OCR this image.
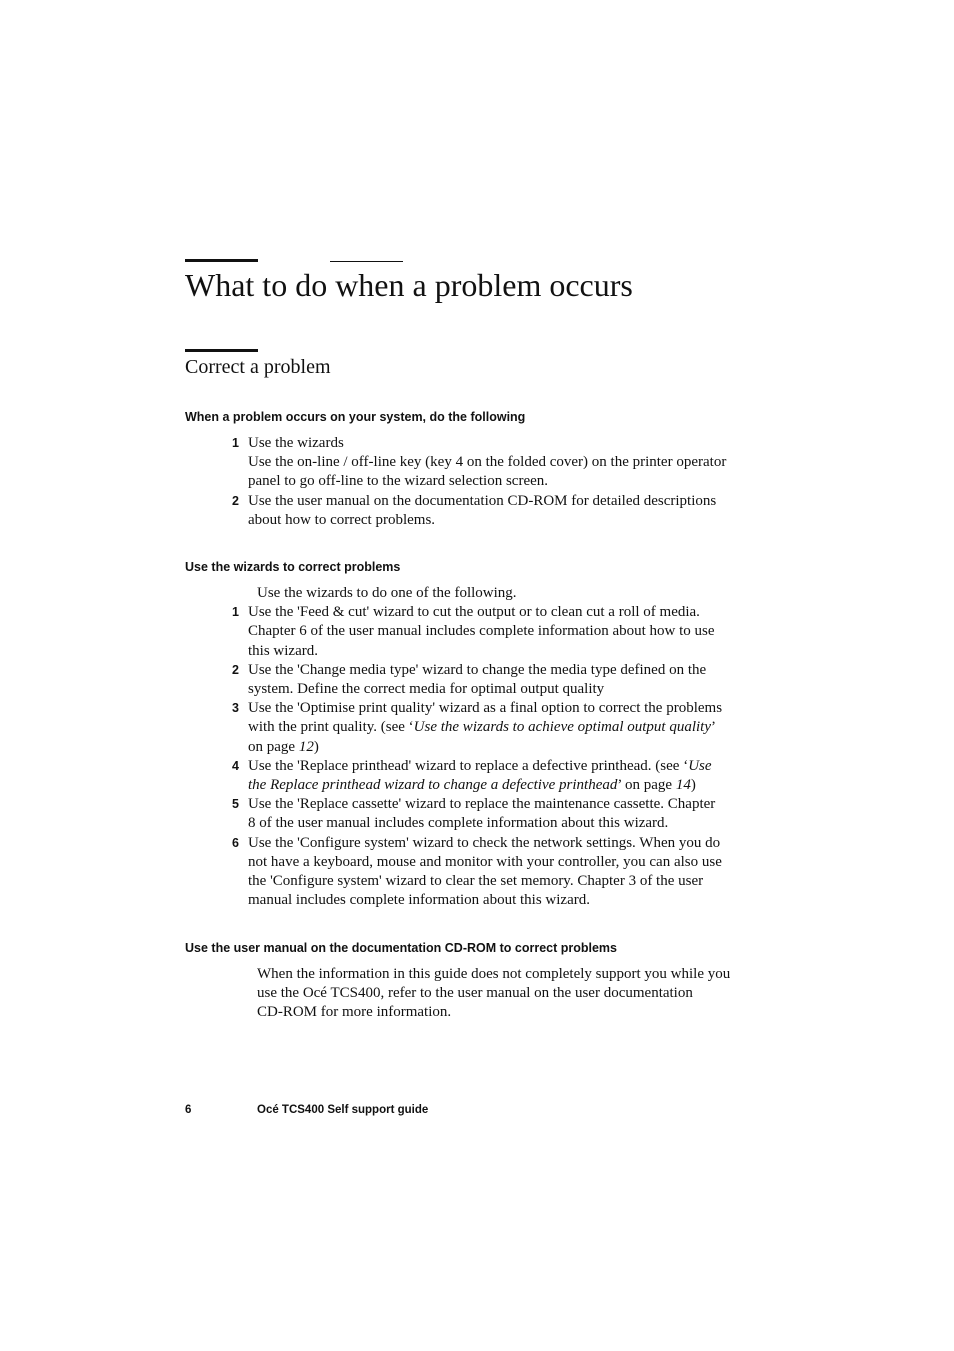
What to do when a problem occurs
Correct a problem
When a problem occurs on your system, do the following
1 Use the wizards
Use the on-line / off-line key (key 4 on the folded cover) on the printer operator
panel to go off-line to the wizard selection screen.
2 Use the user manual on the documentation CD-ROM for detailed descriptions
about how to correct problems.
Use the wizards to correct problems
Use the wizards to do one of the following.
1 Use the 'Feed & cut' wizard to cut the output or to clean cut a roll of media.
Chapter 6 of the user manual includes complete information about how to use
this wizard.
2 Use the 'Change media type' wizard to change the media type defined on the
system. Define the correct media for optimal output quality
3 Use the 'Optimise print quality' wizard as a final option to correct the problems
with the print quality. (see ‘Use the wizards to achieve optimal output quality’
on page 12)
4 Use the 'Replace printhead' wizard to replace a defective printhead. (see ‘Use
the Replace printhead wizard to change a defective printhead’ on page 14)
5 Use the 'Replace cassette' wizard to replace the maintenance cassette. Chapter
8 of the user manual includes complete information about this wizard.
6 Use the 'Configure system' wizard to check the network settings. When you do
not have a keyboard, mouse and monitor with your controller, you can also use
the 'Configure system' wizard to clear the set memory. Chapter 3 of the user
manual includes complete information about this wizard.
Use the user manual on the documentation CD-ROM to correct problems
When the information in this guide does not completely support you while you
use the Océ TCS400, refer to the user manual on the user documentation
CD-ROM for more information.
6	Océ TCS400 Self support guide
